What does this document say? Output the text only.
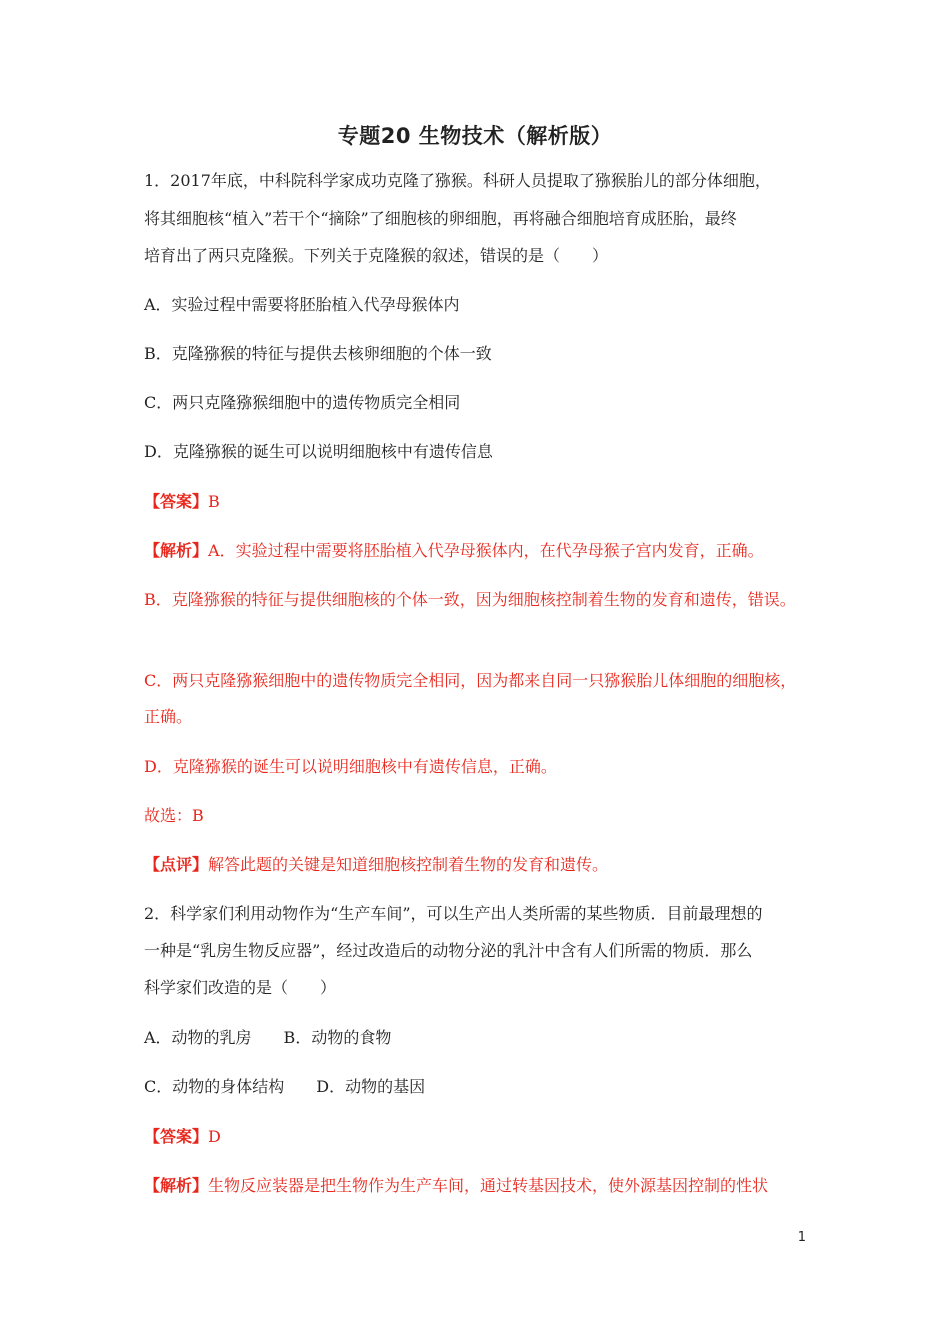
专题20 生物技术（解析版）
1．2017年底，中科院科学家成功克隆了猕猴。科研人员提取了猕猴胎儿的部分体细胞，
将其细胞核“植入”若干个“摘除”了细胞核的卵细胞，再将融合细胞培育成胚胎，最终
培育出了两只克隆猴。下列关于克隆猴的叙述，错误的是（　　）
A．实验过程中需要将胚胎植入代孕母猴体内
B．克隆猕猴的特征与提供去核卵细胞的个体一致
C．两只克隆猕猴细胞中的遗传物质完全相同
D．克隆猕猴的诞生可以说明细胞核中有遗传信息
【答案】B
【解析】A．实验过程中需要将胚胎植入代孕母猴体内，在代孕母猴子宫内发育，正确。
B．克隆猕猴的特征与提供细胞核的个体一致，因为细胞核控制着生物的发育和遗传，错误。
C．两只克隆猕猴细胞中的遗传物质完全相同，因为都来自同一只猕猴胎儿体细胞的细胞核，
正确。
D．克隆猕猴的诞生可以说明细胞核中有遗传信息，正确。
故选：B
【点评】解答此题的关键是知道细胞核控制着生物的发育和遗传。
2．科学家们利用动物作为“生产车间”，可以生产出人类所需的某些物质．目前最理想的
一种是“乳房生物反应器”，经过改造后的动物分泌的乳汁中含有人们所需的物质．那么
科学家们改造的是（　　）
A．动物的乳房　　B．动物的食物
C．动物的身体结构　　D．动物的基因
【答案】D
【解析】生物反应装器是把生物作为生产车间，通过转基因技术，使外源基因控制的性状
1
